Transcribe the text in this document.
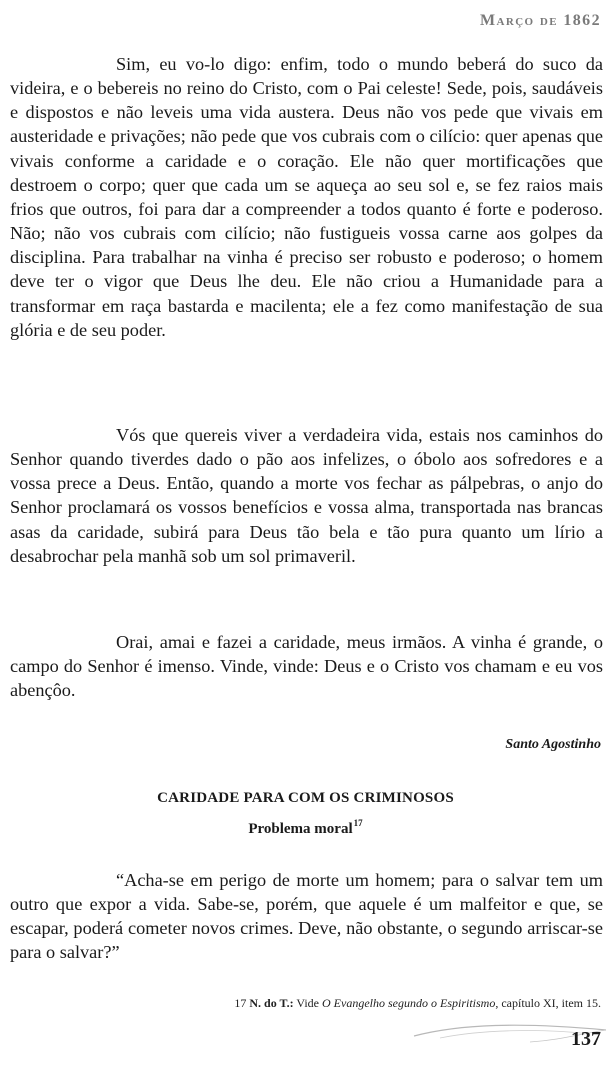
Março de 1862

Sim, eu vo-lo digo: enfim, todo o mundo beberá do suco da videira, e o bebereis no reino do Cristo, com o Pai celeste! Sede, pois, saudáveis e dispostos e não leveis uma vida austera. Deus não vos pede que vivais em austeridade e privações; não pede que vos cubrais com o cilício: quer apenas que vivais conforme a caridade e o coração. Ele não quer mortificações que destroem o corpo; quer que cada um se aqueça ao seu sol e, se fez raios mais frios que outros, foi para dar a compreender a todos quanto é forte e poderoso. Não; não vos cubrais com cilício; não fustigueis vossa carne aos golpes da disciplina. Para trabalhar na vinha é preciso ser robusto e poderoso; o homem deve ter o vigor que Deus lhe deu. Ele não criou a Humanidade para a transformar em raça bastarda e macilenta; ele a fez como manifestação de sua glória e de seu poder.

Vós que quereis viver a verdadeira vida, estais nos caminhos do Senhor quando tiverdes dado o pão aos infelizes, o óbolo aos sofredores e a vossa prece a Deus. Então, quando a morte vos fechar as pálpebras, o anjo do Senhor proclamará os vossos benefícios e vossa alma, transportada nas brancas asas da caridade, subirá para Deus tão bela e tão pura quanto um lírio a desabrochar pela manhã sob um sol primaveril.

Orai, amai e fazei a caridade, meus irmãos. A vinha é grande, o campo do Senhor é imenso. Vinde, vinde: Deus e o Cristo vos chamam e eu vos abençôo.

Santo Agostinho
CARIDADE PARA COM OS CRIMINOSOS
Problema moral$^{17}$

“Acha-se em perigo de morte um homem; para o salvar tem um outro que expor a vida. Sabe-se, porém, que aquele é um malfeitor e que, se escapar, poderá cometer novos crimes. Deve, não obstante, o segundo arriscar-se para o salvar?”

17 N. do T.: Vide O Evangelho segundo o Espiritismo, capítulo XI, item 15.
137
